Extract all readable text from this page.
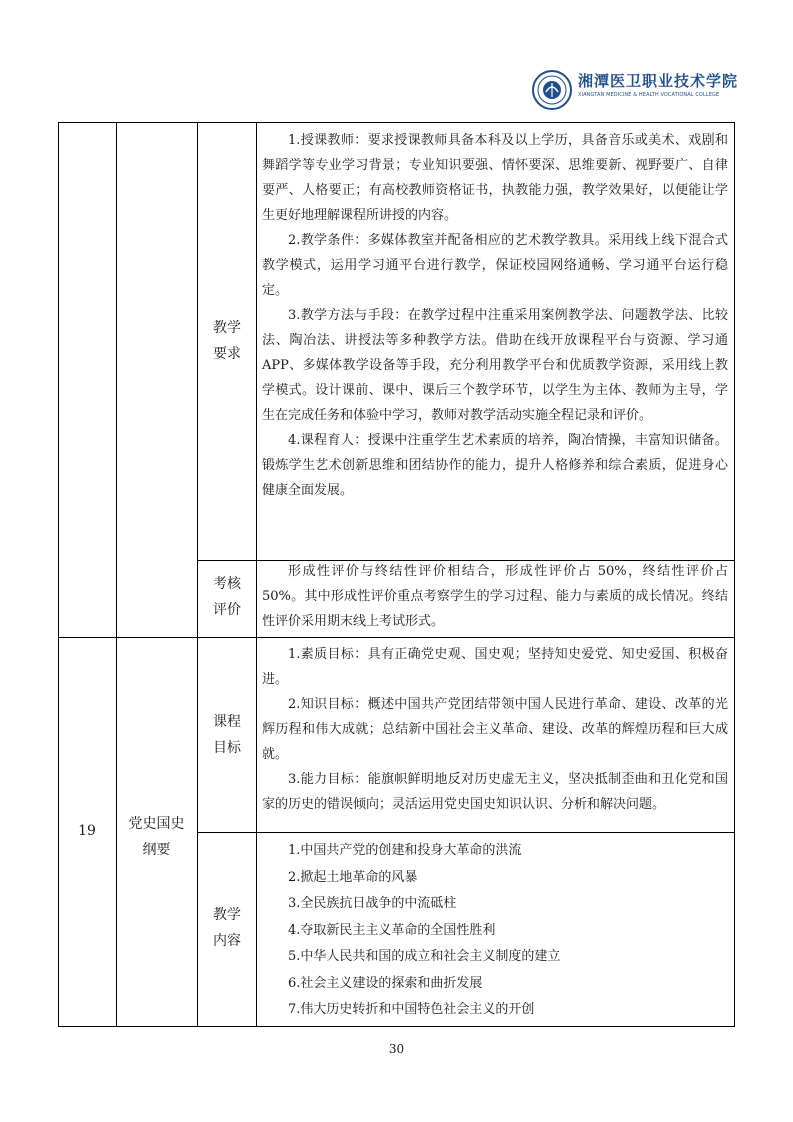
湘潭医卫职业技术学院
XIANGTAN MEDICINE & HEALTH VOCATIONAL COLLEGE
教学
要求

1.授课教师：要求授课教师具备本科及以上学历，具备音乐或美术、戏剧和舞蹈学等专业学习背景；专业知识要强、情怀要深、思维要新、视野要广、自律要严、人格要正；有高校教师资格证书，执教能力强，教学效果好，以便能让学生更好地理解课程所讲授的内容。

2.教学条件：多媒体教室并配备相应的艺术教学教具。采用线上线下混合式教学模式，运用学习通平台进行教学，保证校园网络通畅、学习通平台运行稳定。

3.教学方法与手段：在教学过程中注重采用案例教学法、问题教学法、比较法、陶冶法、讲授法等多种教学方法。借助在线开放课程平台与资源、学习通 APP、多媒体教学设备等手段，充分利用教学平台和优质教学资源，采用线上教学模式。设计课前、课中、课后三个教学环节，以学生为主体、教师为主导，学生在完成任务和体验中学习，教师对教学活动实施全程记录和评价。

4.课程育人：授课中注重学生艺术素质的培养，陶冶情操，丰富知识储备。锻炼学生艺术创新思维和团结协作的能力，提升人格修养和综合素质，促进身心健康全面发展。

考核
评价

形成性评价与终结性评价相结合，形成性评价占 50%，终结性评价占 50%。其中形成性评价重点考察学生的学习过程、能力与素质的成长情况。终结性评价采用期末线上考试形式。

19	党史国史
纲要
课程
目标

1.素质目标：具有正确党史观、国史观；坚持知史爱党、知史爱国、积极奋进。

2.知识目标：概述中国共产党团结带领中国人民进行革命、建设、改革的光辉历程和伟大成就；总结新中国社会主义革命、建设、改革的辉煌历程和巨大成就。

3.能力目标：能旗帜鲜明地反对历史虚无主义，坚决抵制歪曲和丑化党和国家的历史的错误倾向；灵活运用党史国史知识认识、分析和解决问题。

教学
内容

1.中国共产党的创建和投身大革命的洪流

2.掀起土地革命的风暴

3.全民族抗日战争的中流砥柱

4.夺取新民主主义革命的全国性胜利

5.中华人民共和国的成立和社会主义制度的建立

6.社会主义建设的探索和曲折发展

7.伟大历史转折和中国特色社会主义的开创

30
